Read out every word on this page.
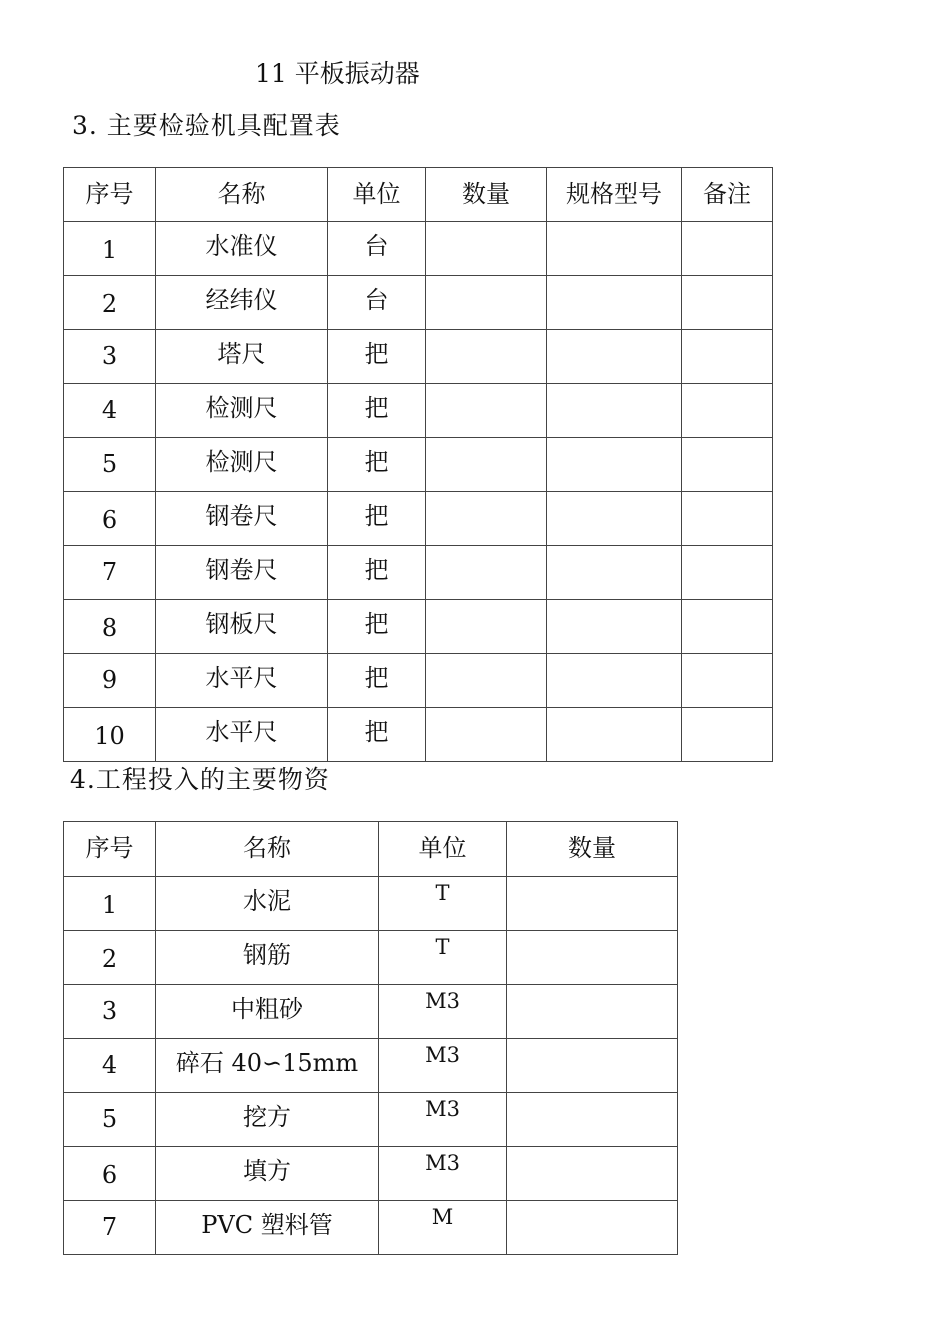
11 平板振动器
3. 主要检验机具配置表
序号	名称	单位	数量	规格型号	备注

1	水准仪	台			

2	经纬仪	台			

3	塔尺	把			

4	检测尺	把			

5	检测尺	把			

6	钢卷尺	把			

7	钢卷尺	把			

8	钢板尺	把			

9	水平尺	把			

10	水平尺	把			

4.工程投入的主要物资
序号	名称	单位	数量

1	水泥	T	

2	钢筋	T	

3	中粗砂	M3	

4	碎石 40∽15mm	M3	

5	挖方	M3	

6	填方	M3	

7	PVC 塑料管	M	
